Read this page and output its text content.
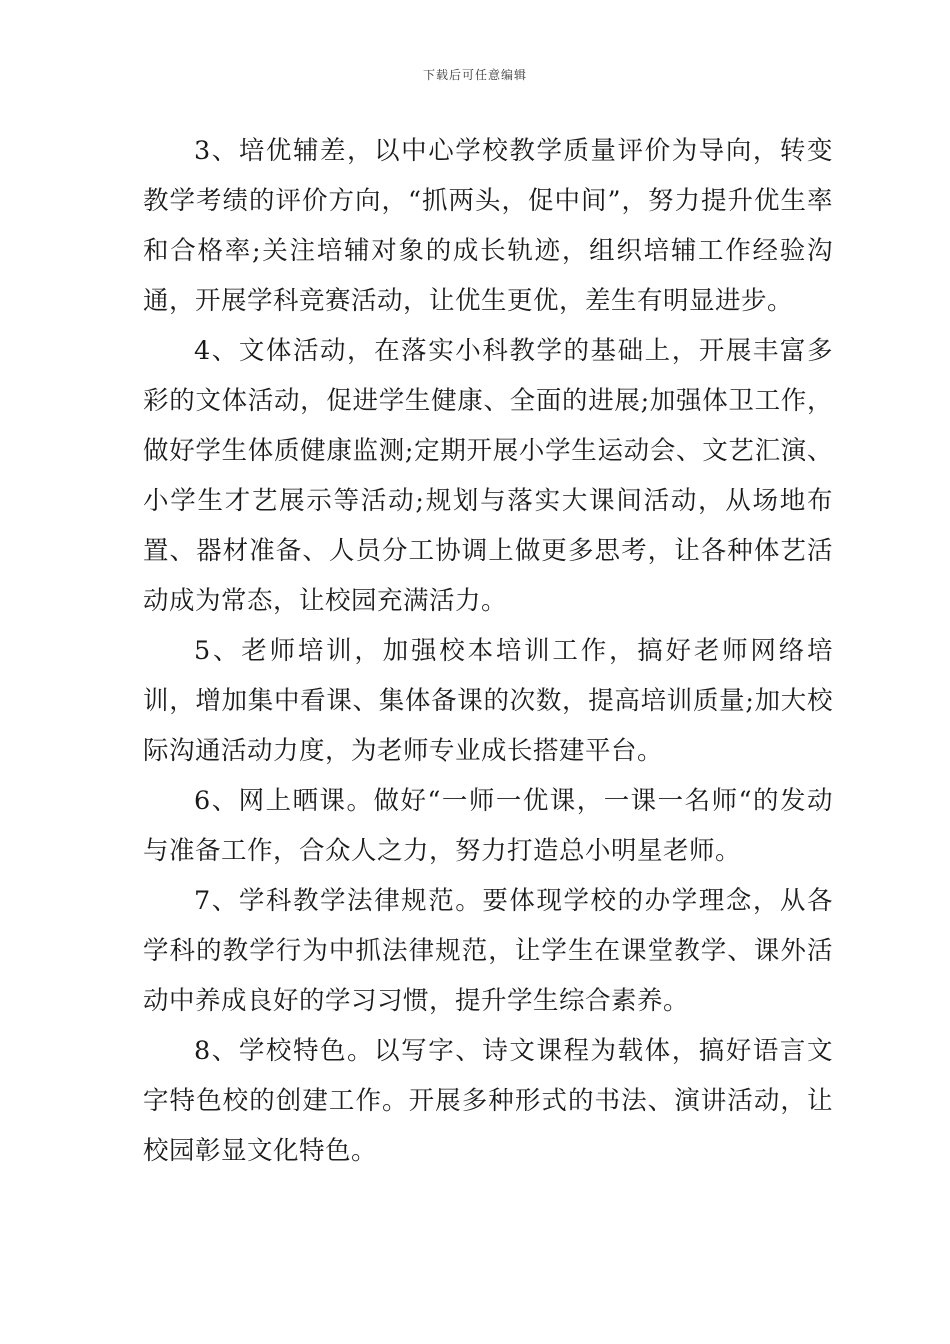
下载后可任意编辑

3、培优辅差，以中心学校教学质量评价为导向，转变教学考绩的评价方向，“抓两头，促中间”，努力提升优生率和合格率;关注培辅对象的成长轨迹，组织培辅工作经验沟通，开展学科竞赛活动，让优生更优，差生有明显进步。

4、文体活动，在落实小科教学的基础上，开展丰富多彩的文体活动，促进学生健康、全面的进展;加强体卫工作，做好学生体质健康监测;定期开展小学生运动会、文艺汇演、小学生才艺展示等活动;规划与落实大课间活动，从场地布置、器材准备、人员分工协调上做更多思考，让各种体艺活动成为常态，让校园充满活力。

5、老师培训，加强校本培训工作，搞好老师网络培训，增加集中看课、集体备课的次数，提高培训质量;加大校际沟通活动力度，为老师专业成长搭建平台。

6、网上晒课。做好“一师一优课，一课一名师“的发动与准备工作，合众人之力，努力打造总小明星老师。

7、学科教学法律规范。要体现学校的办学理念，从各学科的教学行为中抓法律规范，让学生在课堂教学、课外活动中养成良好的学习习惯，提升学生综合素养。

8、学校特色。以写字、诗文课程为载体，搞好语言文字特色校的创建工作。开展多种形式的书法、演讲活动，让校园彰显文化特色。
